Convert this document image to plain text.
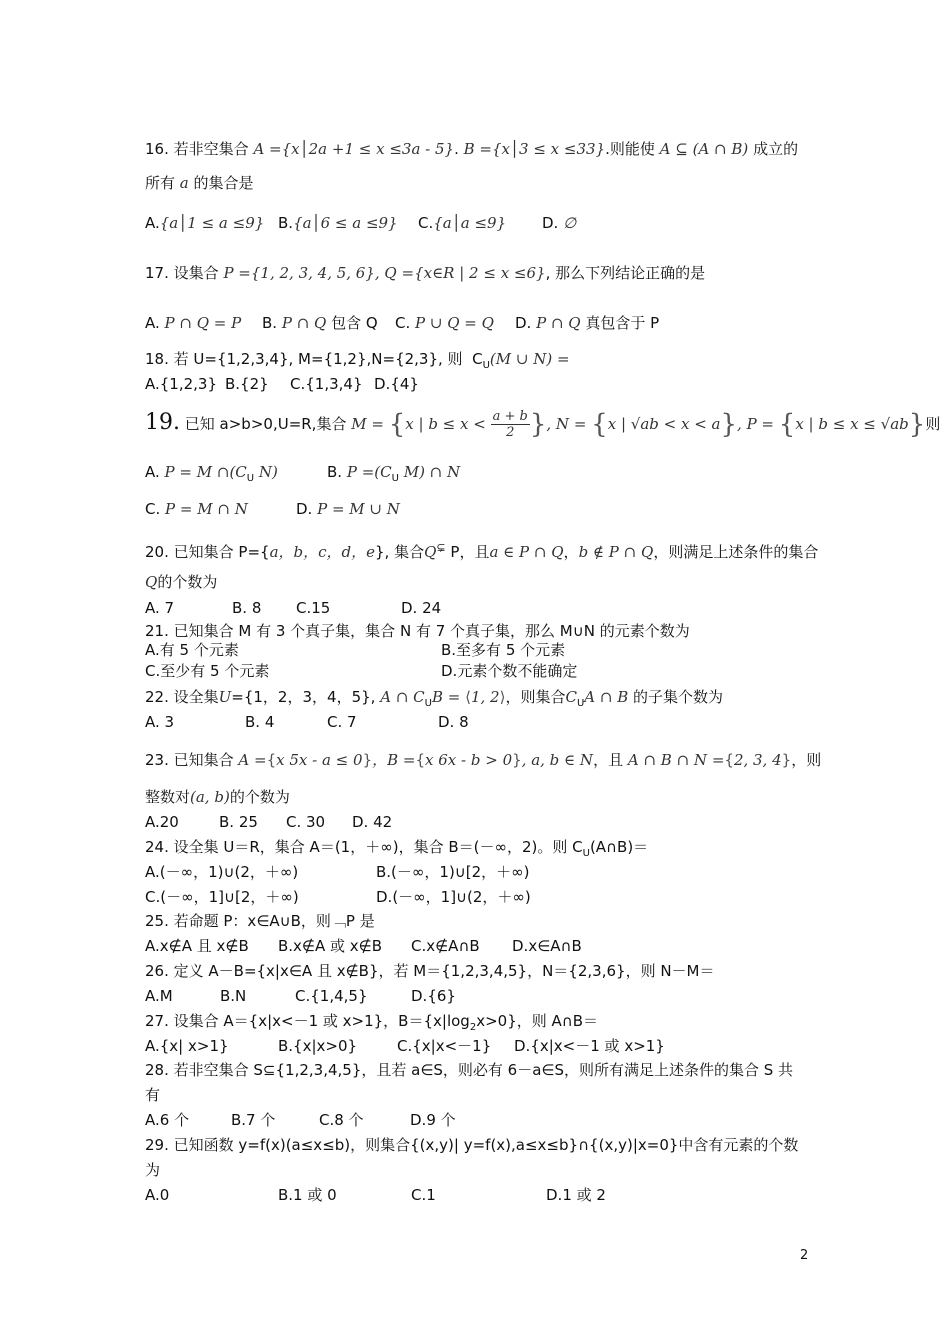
16. 若非空集合 A ={x│2a +1 ≤ x ≤3a - 5}. B ={x│3 ≤ x ≤33}.则能使 A ⊆ (A ∩ B) 成立的
所有 a 的集合是
A.{a│1 ≤ a ≤9} B.{a│6 ≤ a ≤9} C.{a│a ≤9} D. ∅
17. 设集合 P ={1, 2, 3, 4, 5, 6}, Q ={x∈R | 2 ≤ x ≤6}, 那么下列结论正确的是
A. P ∩ Q = P B. P ∩ Q 包含 Q C. P ∪ Q = Q D. P ∩ Q 真包含于 P
18. 若 U={1,2,3,4}, M={1,2},N={2,3}, 则 $C_U(M$ ∪ N) =
A.{1,2,3} B.{2} C.{1,3,4} D.{4}
19. 已知 a>b>0,U=R,集合 M = {x | $b \le x < \frac{a + b}{2}$ }, N = {x | √ab < x < a}, P = {x | b ≤ x ≤ √ab}则
A. P = M $\cap(C_U$ N)	B. $P =(C_U$ M) ∩ N
C. P = M ∩ N	D. P = M ∪ N
20. 已知集合 P={a，b，c，d，e}, 集合Q⊊ P，且a ∈ P ∩ Q，b ∉ P ∩ Q，则满足上述条件的集合
Q的个数为
A. 7	B. 8 C.15	D. 24
21. 已知集合 M 有 3 个真子集，集合 N 有 7 个真子集，那么 M∪N 的元素个数为
A.有 5 个元素	B.至多有 5 个元素
C.至少有 5 个元素	D.元素个数不能确定
22. 设全集U={1，2，3，4，5}, A ∩ $C_UB$ = ⟨1, 2⟩，则集合$C_UA$ ∩ B 的子集个数为
A. 3	B. 4	C. 7	D. 8
23. 已知集合 A ={x 5x - a ≤ 0}，B ={x 6x - b > 0}, a, b ∈ N，且 A ∩ B ∩ N ={2, 3, 4}，则
整数对(a, b)的个数为
A.20	B. 25 C. 30 D. 42
24. 设全集 U＝R，集合 A＝(1，＋∞)，集合 B＝(－∞，2)。则 $C_U(A\cap B)=$
A.(－∞，1)∪(2，＋∞)	B.(－∞，1)∪[2，＋∞)
C.(－∞，1]∪[2，＋∞)	D.(－∞，1]∪(2，＋∞)
25. 若命题 P：x∈A∪B，则﹁P 是
A.x∉A 且 x∉B B.x∉A 或 x∉B C.x∉A∩B D.x∈A∩B
26. 定义 A－B={x|x∈A 且 x∉B}，若 M＝{1,2,3,4,5}，N＝{2,3,6}，则 N－M＝
A.M	B.N	C.{1,4,5}	D.{6}
27. 设集合 A＝{x|x<－1 或 x>1}，$B=\{x|\log_2x>0\}$，则 A∩B＝
A.{x| x>1}	B.{x|x>0}	C.{x|x<－1} D.{x|x<－1 或 x>1}
28. 若非空集合 S⊆{1,2,3,4,5}，且若 a∈S，则必有 6－a∈S，则所有满足上述条件的集合 S 共
有
A.6 个	B.7 个	C.8 个	D.9 个
29. 已知函数 y=f(x)(a≤x≤b)，则集合{(x,y)| y=f(x),a≤x≤b}∩{(x,y)|x=0}中含有元素的个数
为
A.0	B.1 或 0	C.1	D.1 或 2
2
